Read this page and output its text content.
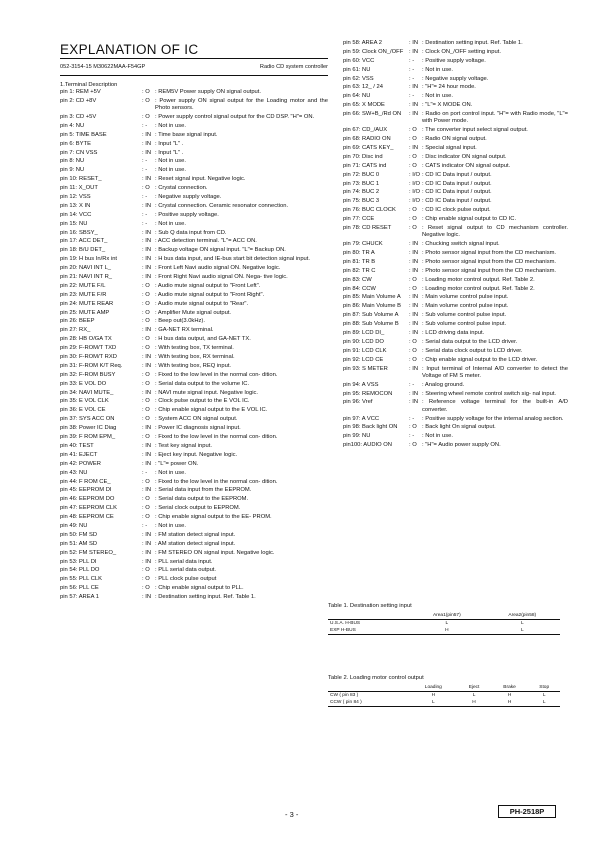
EXPLANATION OF IC
052-3154-15 M30622MAA-F54GP	Radio CD system controller
1.Terminal Description
pin 1: REM +5V	: O : REM5V Power supply ON signal output.
pin 2: CD +8V	: O : Power supply ON signal output for the Loading motor and the Photo sensors.
pin 3: CD +5V	: O : Power supply control signal output for the CD DSP. "H"= ON.
pin 4: NU	: -	: Not in use.
pin 5: TIME BASE	: IN : Time base signal input.
pin 6: BYTE	: IN : Input "L" .
pin 7: CN VSS	: IN : Input "L" .
pin 8: NU	: -	: Not in use.
pin 9: NU	: -	: Not in use.
pin 10: RESET_	: IN : Reset signal input. Negative logic.
pin 11: X_OUT	: O : Crystal connection.
pin 12: VSS	: -	: Negative supply voltage.
pin 13: X IN	: IN : Crystal connection. Ceramic resonator connection.
pin 14: VCC	: -	: Positive supply voltage.
pin 15: NU	: -	: Not in use.
pin 16: SBSY_	: IN : Sub Q data input from CD.
pin 17: ACC DET_	: IN : ACC detection terminal. "L"= ACC ON.
pin 18: B/U DET_	: IN : Backup voltage ON signal input. "L"= Backup ON.
pin 19: H bus In/Rx int	: IN : H bus data input, and IE-bus start bit detection signal input.
pin 20: NAVI INT L_	: IN : Front Left Navi audio signal ON. Negative logic.
pin 21: NAVI INT R_	: IN : Front Right Navi audio signal ON. Nega- tive logic.
pin 22: MUTE F/L	: O : Audio mute signal output to "Front Left".
pin 23: MUTE F/R	: O : Audio mute signal output to "Front Right".
pin 24: MUTE REAR	: O : Audio mute signal output to "Rear".
pin 25: MUTE AMP	: O : Amplifier Mute signal output.
pin 26: BEEP	: O : Beep out(3.0kHz).
pin 27: RX_	: IN : GA-NET RX terminal.
pin 28: HB O/GA TX	: O : H bus data output, and GA-NET TX.
pin 29: F-ROM/T TXD	: O : With testing box, TX terminal.
pin 30: F-ROM/T RXD	: IN : With testing box, RX terminal.
pin 31: F-ROM K/T Req.	: IN : With testing box, REQ input.
pin 32: F-ROM BUSY	: O : Fixed to the low level in the normal con- dition.
pin 33: E VOL DO	: O : Serial data output to the volume IC.
pin 34: NAVI MUTE_	: IN : NAVI mute signal input. Negative logic.
pin 35: E VOL CLK	: O : Clock pulse output to the E VOL IC.
pin 36: E VOL CE	: O : Chip enable signal output to the E VOL IC.
pin 37: SYS ACC ON	: O : System ACC ON signal output.
pin 38: Power IC Diag	: IN : Power IC diagnosis signal input.
pin 39: F ROM EPM_	: O : Fixed to the low level in the normal con- dition.
pin 40: TEST	: IN : Test key signal input.
pin 41: EJECT	: IN : Eject key input. Negative logic.
pin 42: POWER	: IN : "L"= power ON.
pin 43: NU	: -	: Not in use.
pin 44: F ROM CE_	: O : Fixed to the low level in the normal con- dition.
pin 45: EEPROM DI	: IN : Serial data input from the EEPROM.
pin 46: EEPROM DO	: O : Serial data output to the EEPROM.
pin 47: EEPROM CLK	: O : Serial clock output to EEPROM.
pin 48: EEPROM CE	: O : Chip enable signal output to the EE- PROM.
pin 49: NU	: -	: Not in use.
pin 50: FM SD	: IN : FM station detect signal input.
pin 51: AM SD	: IN : AM station detect signal input.
pin 52: FM STEREO_	: IN : FM STEREO ON signal input. Negative logic.
pin 53: PLL DI	: IN : PLL serial data input.
pin 54: PLL DO	: O : PLL serial data output.
pin 55: PLL CLK	: O : PLL clock pulse output
pin 56: PLL CE	: O : Chip enable signal output to PLL.
pin 57: AREA 1	: IN : Destination setting input. Ref. Table 1.
pin 58: AREA 2	: IN : Destination setting input. Ref. Table 1.
pin 59: Clock ON_/OFF : IN : Clock ON_/OFF setting input.
pin 60: VCC	: -	: Positive supply voltage.
pin 61: NU	: -	: Not in use.
pin 62: VSS	: -	: Negative supply voltage.
pin 63: 12_ / 24	: IN : "H"= 24 hour mode.
pin 64: NU	: -	: Not in use.
pin 65: X MODE	: IN : "L"= X MODE ON.
pin 66: SW+B_/Rd ON	: IN : Radio on port control input. "H"= with Radio mode, "L"= with Power mode.
pin 67: CD_/AUX	: O : The converter input select signal output.
pin 68: RADIO ON	: O : Radio ON signal output.
pin 69: CATS KEY_	: IN : Special signal input.
pin 70: Disc ind	: O : Disc indicator ON signal output.
pin 71: CATS ind	: O : CATS indicator ON signal output.
pin 72: BUC 0	: I/O : CD IC Data input / output.
pin 73: BUC 1	: I/O : CD IC Data input / output.
pin 74: BUC 2	: I/O : CD IC Data input / output.
pin 75: BUC 3	: I/O : CD IC Data input / output.
pin 76: BUC CLOCK	: O : CD IC clock pulse output.
pin 77: CCE	: O : Chip enable signal output to CD IC.
pin 78: CD RESET	: O : Reset signal output to CD mechanism controller. Negative logic.
pin 79: CHUCK	: IN : Chucking switch signal input.
pin 80: TR A	: IN : Photo sensor signal input from the CD mechanism.
pin 81: TR B	: IN : Photo sensor signal input from the CD mechanism.
pin 82: TR C	: IN : Photo sensor signal input from the CD mechanism.
pin 83: CW	: O : Loading motor control output. Ref. Table 2.
pin 84: CCW	: O : Loading motor control output. Ref. Table 2.
pin 85: Main Volume A	: IN : Main volume control pulse input.
pin 86: Main Volume B	: IN : Main volume control pulse input.
pin 87: Sub Volume A	: IN : Sub volume control pulse input.
pin 88: Sub Volume B	: IN : Sub volume control pulse input.
pin 89: LCD DI_	: IN : LCD driving data input.
pin 90: LCD DO	: O : Serial data output to the LCD driver.
pin 91: LCD CLK	: O : Serial data clock output to LCD driver.
pin 92: LCD CE	: O : Chip enable signal output to the LCD driver.
pin 93: S METER	: IN : Input terminal of Internal A/D converter to detect the Voltage of FM S meter.
pin 94: A VSS	: -	: Analog ground.
pin 95: REMOCON	: IN : Steering wheel remote control switch sig- nal input.
pin 96: Vref	: IN : Reference voltage terminal for the built-in A/D converter.
pin 97: A VCC	: -	: Positive supply voltage for the internal analog section.
pin 98: Back light ON	: O : Back light On signal output.
pin 99: NU	: -	: Not in use.
pin100: AUDIO ON	: O : "H"= Audio power supply ON.
Table 1. Destination setting input
	Area1(pin57)	Area2(pin58)
U.S.A. H-BUS	L	L
EXP H-BUS	H	L
Table 2. Loading motor control output
	Loading	Eject	Brake	Stop
CW ( pin 83 )	H	L	H	L
CCW ( pin 84 )	L	H	H	L
- 3 -	PH-2518P
